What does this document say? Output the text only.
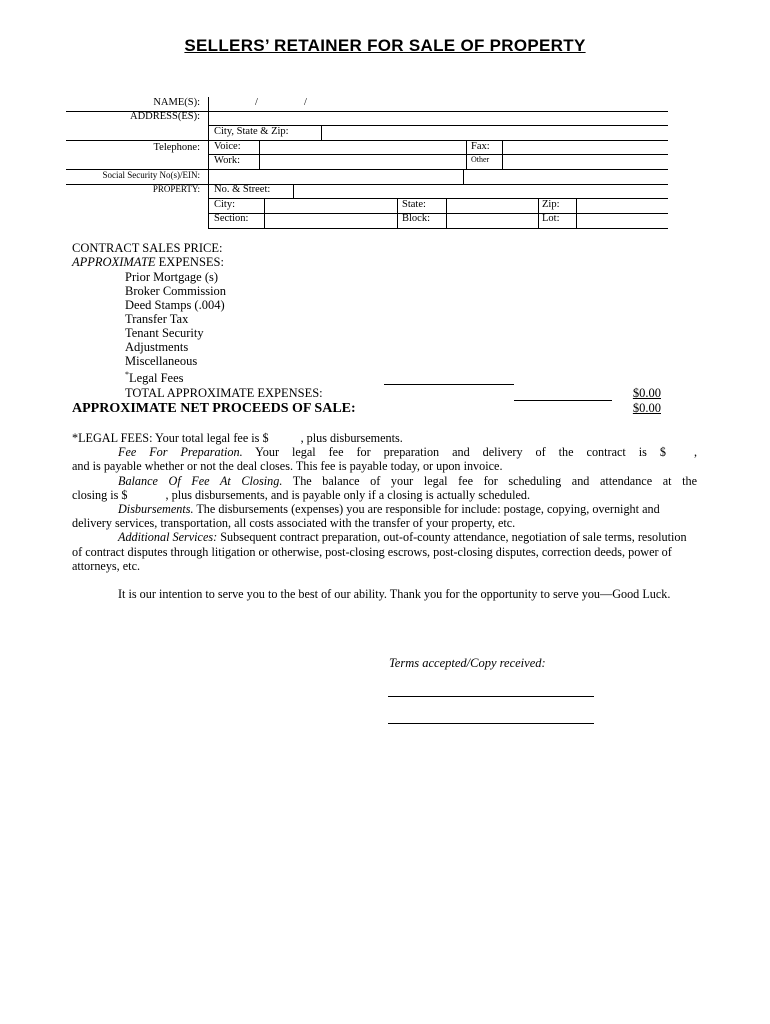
SELLERS’ RETAINER FOR SALE OF PROPERTY
NAME(S):	/	/
ADDRESS(ES):
City, State & Zip:
Telephone: Voice:	Fax:
Work:	Other
Social Security No(s)/EIN:
PROPERTY: No. & Street:
City:	State:	Zip:
Section:	Block:	Lot:
CONTRACT SALES PRICE:
APPROXIMATE EXPENSES:
Prior Mortgage (s)
Broker Commission
Deed Stamps (.004)
Transfer Tax
Tenant Security
Adjustments
Miscellaneous
*Legal Fees
TOTAL APPROXIMATE EXPENSES:	$0.00
APPROXIMATE NET PROCEEDS OF SALE:	$0.00

*LEGAL FEES: Your total legal fee is $	, plus disbursements.

Fee For Preparation. Your legal fee for preparation and delivery of the contract is $ ,

and is payable whether or not the deal closes. This fee is payable today, or upon invoice.

Balance Of Fee At Closing. The balance of your legal fee for scheduling and attendance at the

closing is $	, plus disbursements, and is payable only if a closing is actually scheduled.

Disbursements. The disbursements (expenses) you are responsible for include: postage, copying, overnight and delivery services, transportation, all costs associated with the transfer of your property, etc.

Additional Services: Subsequent contract preparation, out-of-county attendance, negotiation of sale terms, resolution of contract disputes through litigation or otherwise, post-closing escrows, post-closing disputes, correction deeds, power of attorneys, etc.

It is our intention to serve you to the best of our ability. Thank you for the opportunity to serve you—Good Luck.

Terms accepted/Copy received:
